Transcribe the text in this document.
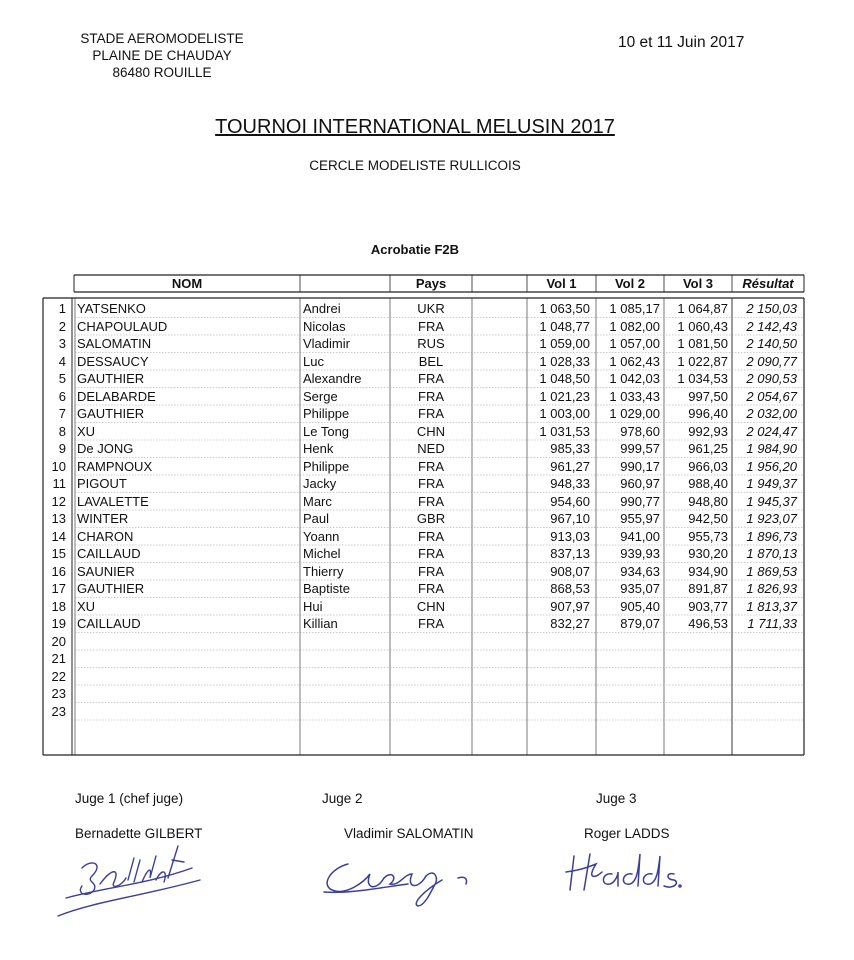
STADE AEROMODELISTE
PLAINE DE CHAUDAY
86480 ROUILLE
10 et 11 Juin 2017
TOURNOI INTERNATIONAL MELUSIN 2017
CERCLE MODELISTE RULLICOIS
Acrobatie F2B
NOM	Pays	Vol 1	Vol 2	Vol 3	Résultat
1 YATSENKO	Andrei	UKR	1 063,50	1 085,17	1 064,87	2 150,03
2 CHAPOULAUD	Nicolas	FRA	1 048,77	1 082,00	1 060,43	2 142,43
3 SALOMATIN	Vladimir	RUS	1 059,00	1 057,00	1 081,50	2 140,50
4 DESSAUCY	Luc	BEL	1 028,33	1 062,43	1 022,87	2 090,77
5 GAUTHIER	Alexandre	FRA	1 048,50	1 042,03	1 034,53	2 090,53
6 DELABARDE	Serge	FRA	1 021,23	1 033,43	997,50	2 054,67
7 GAUTHIER	Philippe	FRA	1 003,00	1 029,00	996,40	2 032,00
8 XU	Le Tong	CHN	1 031,53	978,60	992,93	2 024,47
9 De JONG	Henk	NED	985,33	999,57	961,25	1 984,90
10 RAMPNOUX	Philippe	FRA	961,27	990,17	966,03	1 956,20
11 PIGOUT	Jacky	FRA	948,33	960,97	988,40	1 949,37
12 LAVALETTE	Marc	FRA	954,60	990,77	948,80	1 945,37
13 WINTER	Paul	GBR	967,10	955,97	942,50	1 923,07
14 CHARON	Yoann	FRA	913,03	941,00	955,73	1 896,73
15 CAILLAUD	Michel	FRA	837,13	939,93	930,20	1 870,13
16 SAUNIER	Thierry	FRA	908,07	934,63	934,90	1 869,53
17 GAUTHIER	Baptiste	FRA	868,53	935,07	891,87	1 826,93
18 XU	Hui	CHN	907,97	905,40	903,77	1 813,37
19 CAILLAUD	Killian	FRA	832,27	879,07	496,53	1 711,33
20
21
22
23
23
Juge 1 (chef juge)	Juge 2	Juge 3
Bernadette GILBERT	Vladimir SALOMATIN	Roger LADDS
